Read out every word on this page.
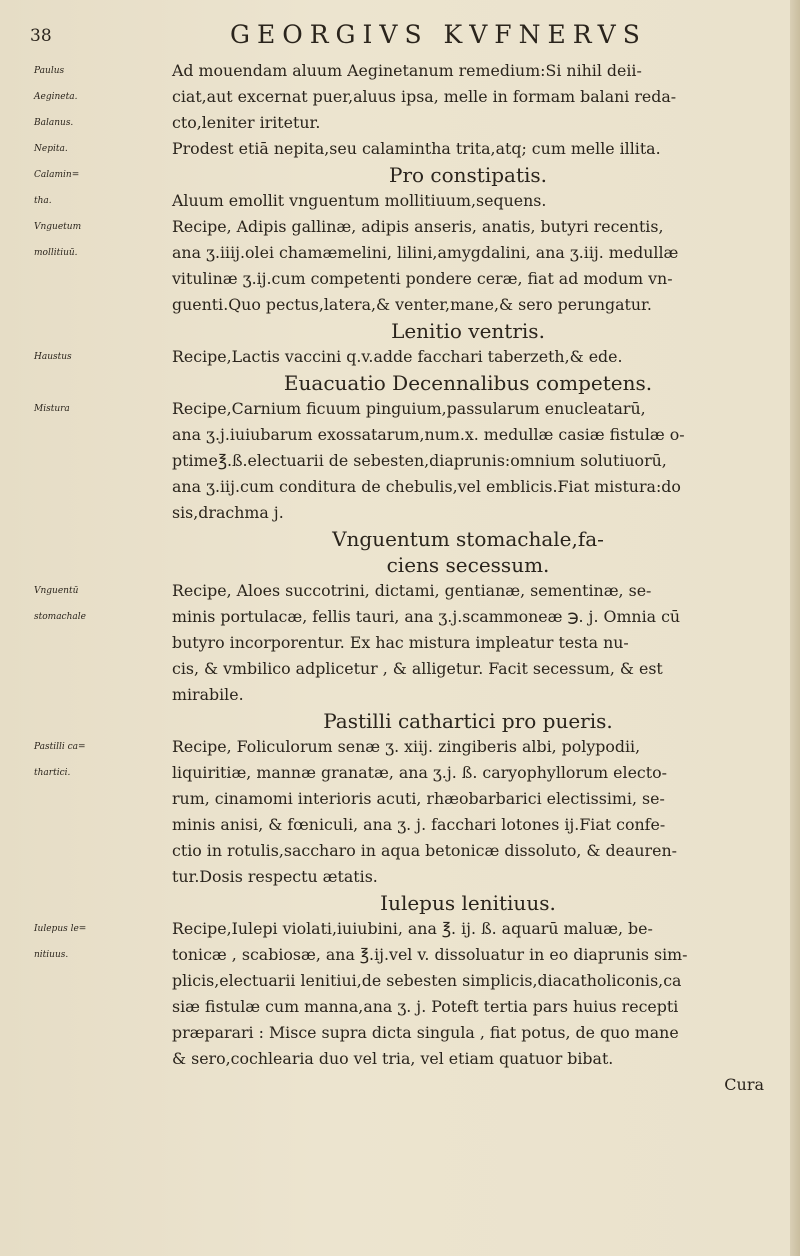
38	GEORGIVS KVFNERVS
Paulus	Ad mouendam aluum Aeginetanum remedium:Si nihil deii-
Aegineta.	ciat,aut excernat puer,aluus ipsa, melle in formam balani reda-
Balanus.	cto,leniter iritetur.
Nepita.	Prodest etiā nepita,seu calamintha trita,atq; cum melle illita.
Calamin=	Pro constipatis.
tha.	Aluum emollit vnguentum mollitiuum,sequens.
Vnguetum	Recipe, Adipis gallinæ, adipis anseris, anatis, butyri recentis,
mollitiuū.	ana ʒ.iiij.olei chamæmelini, lilini,amygdalini, ana ʒ.iij. medullæ
vitulinæ ʒ.ij.cum competenti pondere ceræ, fiat ad modum vn-
guenti.Quo pectus,latera,& venter,mane,& sero perungatur.
Lenitio ventris.
Haustus	Recipe,Lactis vaccini q.v.adde facchari taberzeth,& ede.
Euacuatio Decennalibus competens.
Mistura	Recipe,Carnium ficuum pinguium,passularum enucleatarū,
ana ʒ.j.iuiubarum exossatarum,num.x. medullæ casiæ fistulæ o-
ptime℥.ß.electuarii de sebesten,diaprunis:omnium solutiuorū,
ana ʒ.iij.cum conditura de chebulis,vel emblicis.Fiat mistura:do
sis,drachma j.
Vnguentum stomachale,fa-
ciens secessum.
Vnguentū	Recipe, Aloes succotrini, dictami, gentianæ, sementinæ, se-
stomachale	minis portulacæ, fellis tauri, ana ʒ.j.scammoneæ ℈. j. Omnia cū
butyro incorporentur. Ex hac mistura impleatur testa nu-
cis, & vmbilico adplicetur , & alligetur. Facit secessum, & est
mirabile.
Pastilli cathartici pro pueris.
Pastilli ca=	Recipe, Foliculorum senæ ʒ. xiij. zingiberis albi, polypodii,
thartici.	liquiritiæ, mannæ granatæ, ana ʒ.j. ß. caryophyllorum electo-
rum, cinamomi interioris acuti, rhæobarbarici electissimi, se-
minis anisi, & fœniculi, ana ʒ. j. facchari lotones ij.Fiat confe-
ctio in rotulis,saccharo in aqua betonicæ dissoluto, & deauren-
tur.Dosis respectu ætatis.
Iulepus lenitiuus.
Iulepus le=	Recipe,Iulepi violati,iuiubini, ana ℥. ij. ß. aquarū maluæ, be-
nitiuus.	tonicæ , scabiosæ, ana ℥.ij.vel v. dissoluatur in eo diaprunis sim-
plicis,electuarii lenitiui,de sebesten simplicis,diacatholiconis,ca
siæ fistulæ cum manna,ana ʒ. j. Poteft tertia pars huius recepti
præparari : Misce supra dicta singula , fiat potus, de quo mane
& sero,cochlearia duo vel tria, vel etiam quatuor bibat.
Cura
